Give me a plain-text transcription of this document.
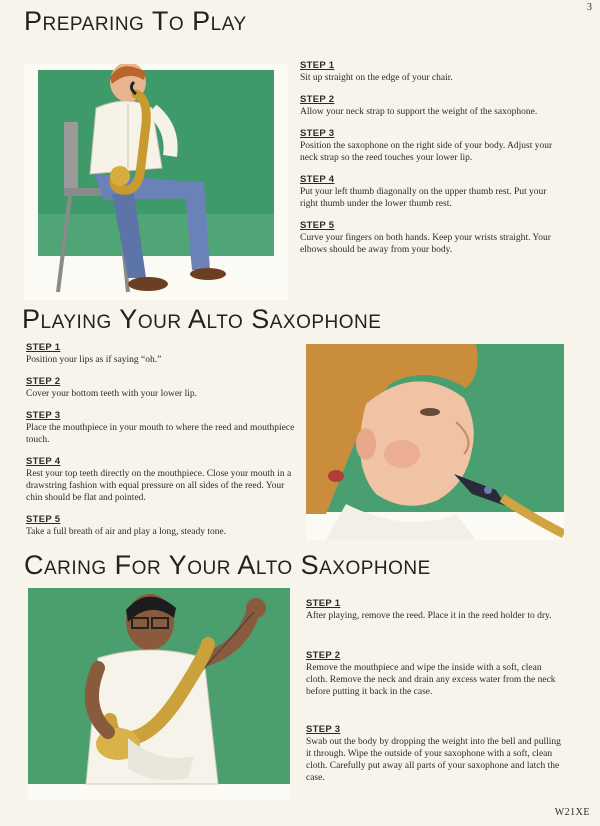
3
Preparing To Play
STEP 1
Sit up straight on the edge of your chair.
STEP 2
Allow your neck strap to support the weight of the saxophone.
STEP 3
Position the saxophone on the right side of your body. Adjust your neck strap so the reed touches your lower lip.
STEP 4
Put your left thumb diagonally on the upper thumb rest. Put your right thumb under the lower thumb rest.
STEP 5
Curve your fingers on both hands. Keep your wrists straight. Your elbows should be away from your body.
Playing Your Alto Saxophone
STEP 1
Position your lips as if saying “oh.”
STEP 2
Cover your bottom teeth with your lower lip.
STEP 3
Place the mouthpiece in your mouth to where the reed and mouthpiece touch.
STEP 4
Rest your top teeth directly on the mouthpiece. Close your mouth in a drawstring fashion with equal pressure on all sides of the reed. Your chin should be flat and pointed.
STEP 5
Take a full breath of air and play a long, steady tone.
Caring For Your Alto Saxophone
STEP 1
After playing, remove the reed. Place it in the reed holder to dry.
STEP 2
Remove the mouthpiece and wipe the inside with a soft, clean cloth. Remove the neck and drain any excess water from the neck before putting it back in the case.
STEP 3
Swab out the body by dropping the weight into the bell and pulling it through. Wipe the outside of your saxophone with a soft, clean cloth. Carefully put away all parts of your saxophone and latch the case.
W21XE
